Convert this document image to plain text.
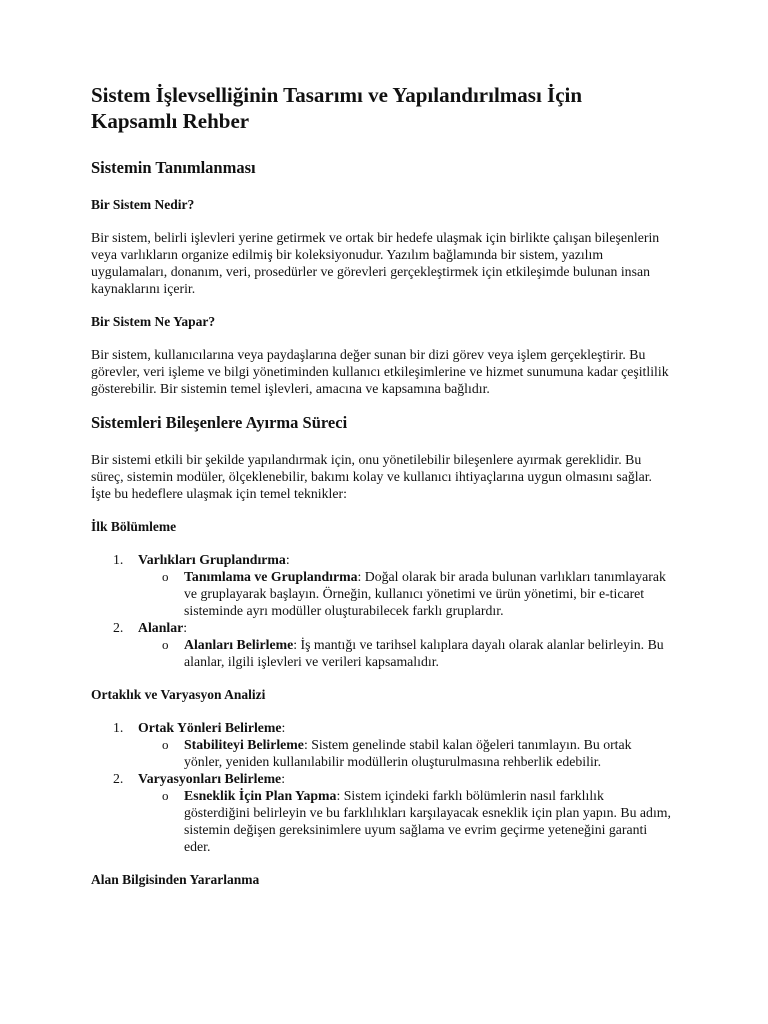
Sistem İşlevselliğinin Tasarımı ve Yapılandırılması İçin Kapsamlı Rehber
Sistemin Tanımlanması
Bir Sistem Nedir?

Bir sistem, belirli işlevleri yerine getirmek ve ortak bir hedefe ulaşmak için birlikte çalışan bileşenlerin veya varlıkların organize edilmiş bir koleksiyonudur. Yazılım bağlamında bir sistem, yazılım uygulamaları, donanım, veri, prosedürler ve görevleri gerçekleştirmek için etkileşimde bulunan insan kaynaklarını içerir.

Bir Sistem Ne Yapar?

Bir sistem, kullanıcılarına veya paydaşlarına değer sunan bir dizi görev veya işlem gerçekleştirir. Bu görevler, veri işleme ve bilgi yönetiminden kullanıcı etkileşimlerine ve hizmet sunumuna kadar çeşitlilik gösterebilir. Bir sistemin temel işlevleri, amacına ve kapsamına bağlıdır.

Sistemleri Bileşenlere Ayırma Süreci

Bir sistemi etkili bir şekilde yapılandırmak için, onu yönetilebilir bileşenlere ayırmak gereklidir. Bu süreç, sistemin modüler, ölçeklenebilir, bakımı kolay ve kullanıcı ihtiyaçlarına uygun olmasını sağlar. İşte bu hedeflere ulaşmak için temel teknikler:

İlk Bölümleme
1. Varlıkları Gruplandırma:
o Tanımlama ve Gruplandırma: Doğal olarak bir arada bulunan varlıkları tanımlayarak ve gruplayarak başlayın. Örneğin, kullanıcı yönetimi ve ürün yönetimi, bir e-ticaret sisteminde ayrı modüller oluşturabilecek farklı gruplardır.
2. Alanlar:
o Alanları Belirleme: İş mantığı ve tarihsel kalıplara dayalı olarak alanlar belirleyin. Bu alanlar, ilgili işlevleri ve verileri kapsamalıdır.
Ortaklık ve Varyasyon Analizi
1. Ortak Yönleri Belirleme:
o Stabiliteyi Belirleme: Sistem genelinde stabil kalan öğeleri tanımlayın. Bu ortak yönler, yeniden kullanılabilir modüllerin oluşturulmasına rehberlik edebilir.
2. Varyasyonları Belirleme:
o Esneklik İçin Plan Yapma: Sistem içindeki farklı bölümlerin nasıl farklılık gösterdiğini belirleyin ve bu farklılıkları karşılayacak esneklik için plan yapın. Bu adım, sistemin değişen gereksinimlere uyum sağlama ve evrim geçirme yeteneğini garanti eder.
Alan Bilgisinden Yararlanma
